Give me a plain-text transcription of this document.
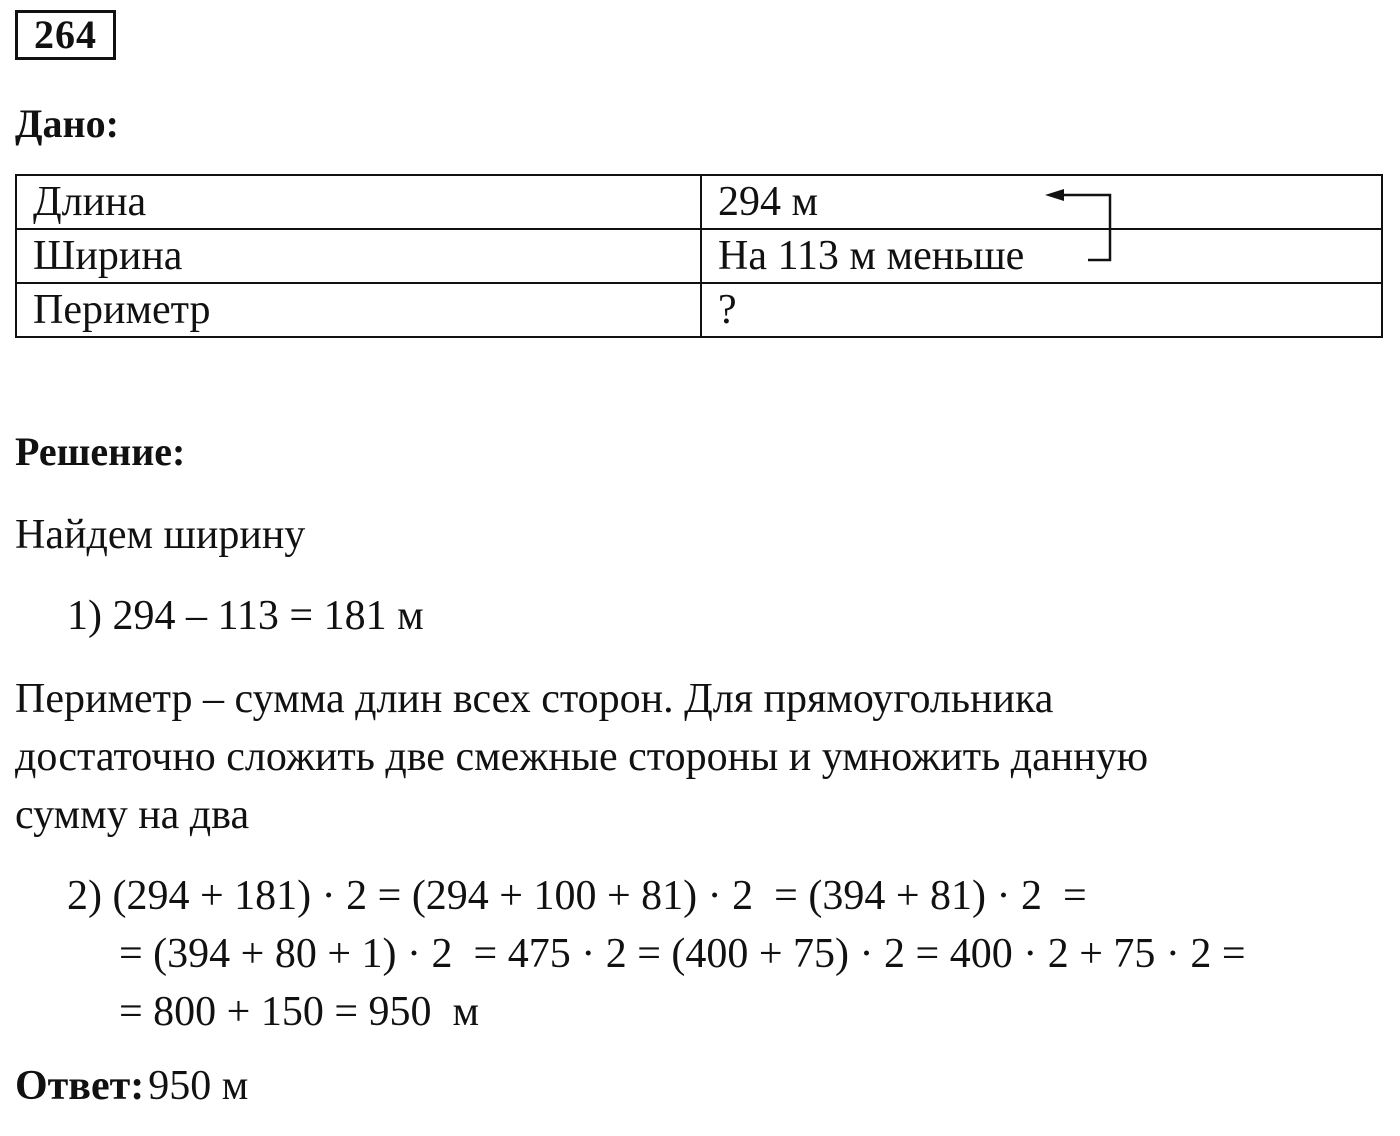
264
Дано:
Длина	294 м
Ширина	На 113 м меньше
Периметр	?
Решение:
Найдем ширину
1) 294 – 113 = 181 м
Периметр – сумма длин всех сторон. Для прямоугольника
достаточно сложить две смежные стороны и умножить данную
сумму на два
2) (294 + 181) · 2 = (294 + 100 + 81) · 2  = (394 + 81) · 2  =
= (394 + 80 + 1) · 2  = 475 · 2 = (400 + 75) · 2 = 400 · 2 + 75 · 2 =
= 800 + 150 = 950  м
Ответ: 950 м
